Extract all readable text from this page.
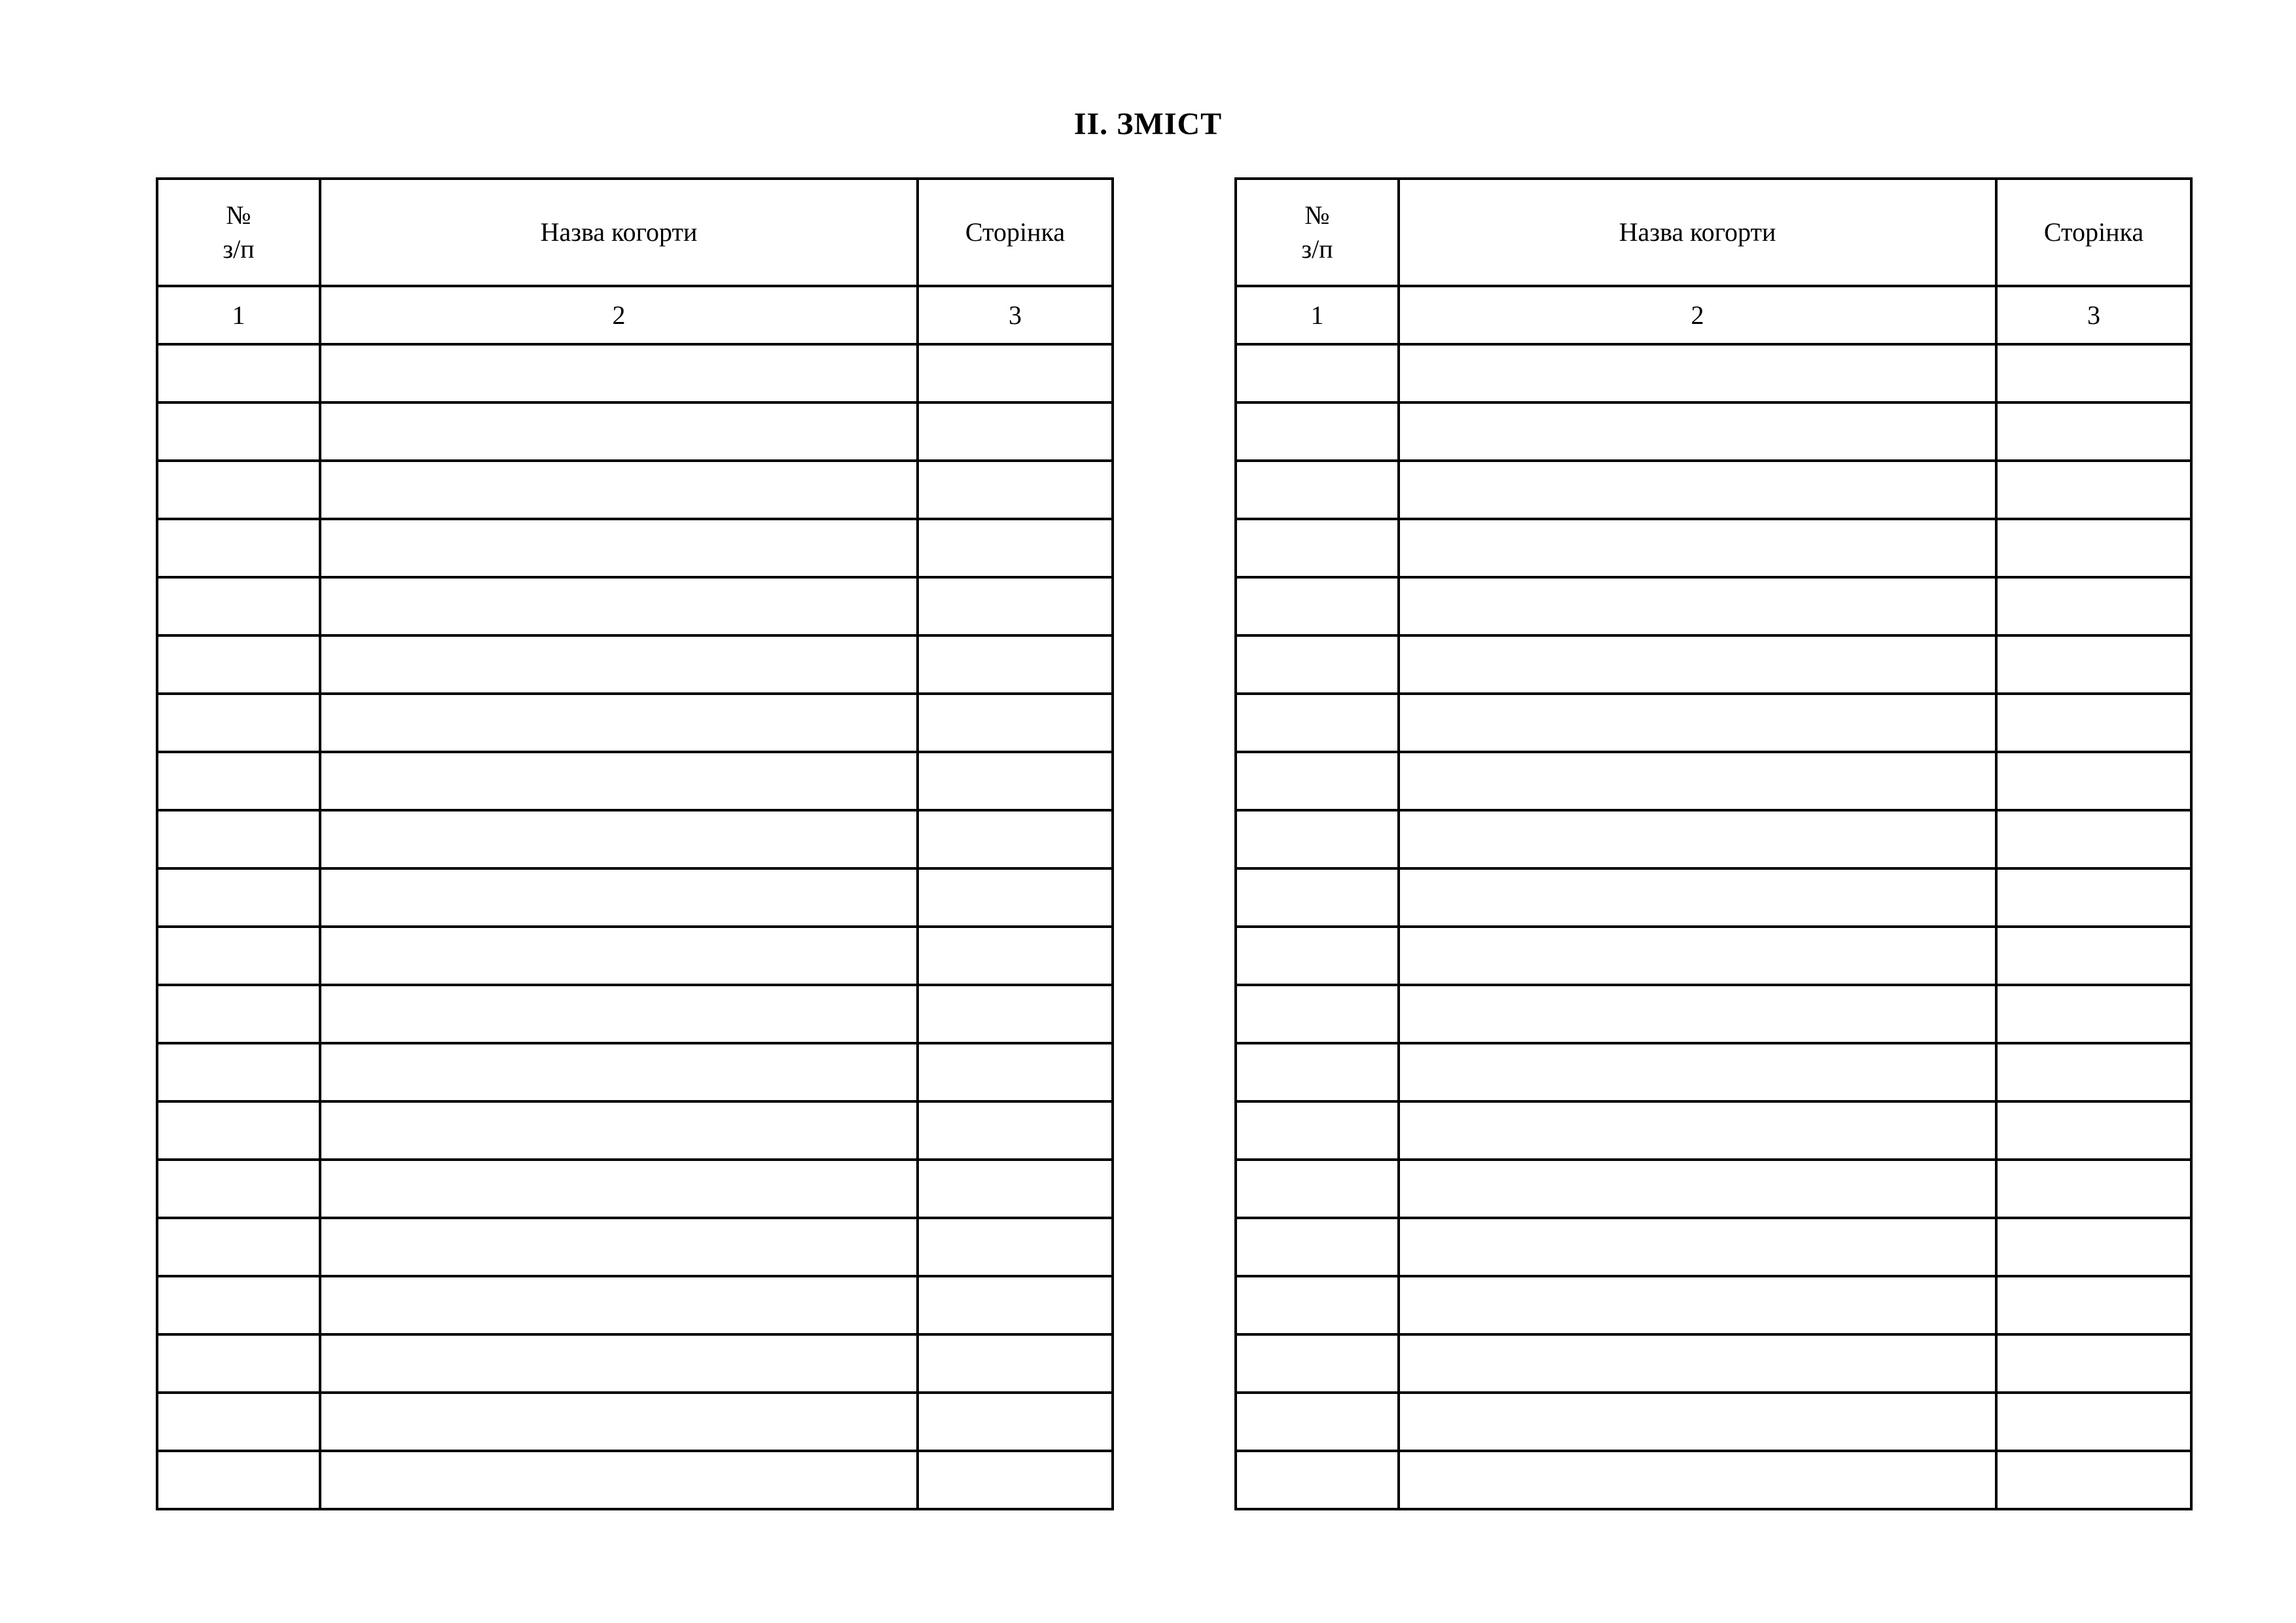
II. ЗМІСТ
№
з/п	Назва когорти	Сторінка
1	2	3

№
з/п	Назва когорти	Сторінка
1	2	3
